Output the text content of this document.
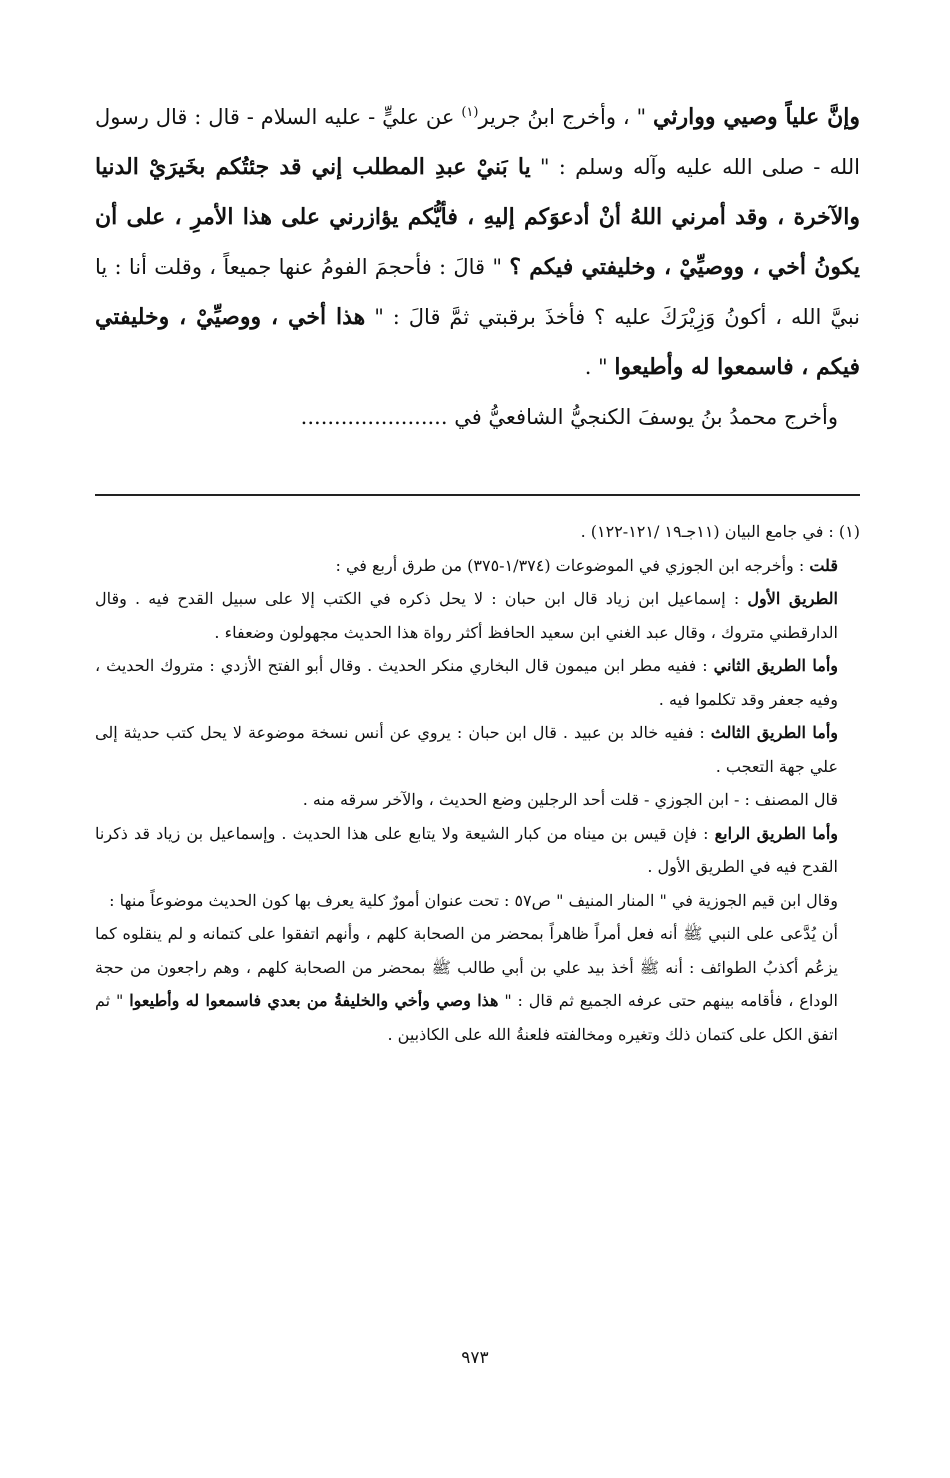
وإنَّ علياً وصيي ووارثي " ، وأخرج ابنُ جرير$^{(١)}$ عن عليٍّ - عليه السلام - قال : قال رسول الله - صلى الله عليه وآله وسلم : " يا بَنيْ عبدِ المطلب إني قد جئتُكم بخَيرَيْ الدنيا والآخرة ، وقد أمرني اللهُ أنْ أدعوَكم إليهِ ، فأيُّكم يؤازرني على هذا الأمرِ ، على أن يكونُ أخي ، ووصيِّيْ ، وخليفتي فيكم ؟ " قالَ : فأحجمَ الفومُ عنها جميعاً ، وقلت أنا : يا نبيَّ الله ، أكونُ وَزِيْرَكَ عليه ؟ فأخذَ برقبتي ثمَّ قالَ : " هذا أخي ، ووصيِّيْ ، وخليفتي فيكم ، فاسمعوا له وأطيعوا " .

وأخرج محمدُ بنُ يوسفَ الكنجيُّ الشافعيُّ في ......................

(١) : في جامع البيان (١١جـ١٩ /١٢١-١٢٢) .

قلت : وأخرجه ابن الجوزي في الموضوعات (١/٣٧٤-٣٧٥) من طرق أربع في :

الطريق الأول : إسماعيل ابن زياد قال ابن حبان : لا يحل ذكره في الكتب إلا على سبيل القدح فيه . وقال الدارقطني متروك ، وقال عبد الغني ابن سعيد الحافظ أكثر رواة هذا الحديث مجهولون وضعفاء .

وأما الطريق الثاني : ففيه مطر ابن ميمون قال البخاري منكر الحديث . وقال أبو الفتح الأزدي : متروك الحديث ، وفيه جعفر وقد تكلموا فيه .

وأما الطريق الثالث : ففيه خالد بن عبيد . قال ابن حبان : يروي عن أنس نسخة موضوعة لا يحل كتب حديثة إلى علي جهة التعجب .

قال المصنف : - ابن الجوزي - قلت أحد الرجلين وضع الحديث ، والآخر سرقه منه .

وأما الطريق الرابع : فإن قيس بن ميناه من كبار الشيعة ولا يتابع على هذا الحديث . وإسماعيل بن زياد قد ذكرنا القدح فيه في الطريق الأول .

وقال ابن قيم الجوزية في " المنار المنيف " ص٥٧ : تحت عنوان أمورٌ كلية يعرف بها كون الحديث موضوعاً منها :

أن يُدَّعى على النبي ﷺ أنه فعل أمراً ظاهراً بمحضر من الصحابة كلهم ، وأنهم اتفقوا على كتمانه و لم ينقلوه كما يزعُم أكذبُ الطوائف : أنه ﷺ أخذ بيد علي بن أبي طالب ﷺ بمحضر من الصحابة كلهم ، وهم راجعون من حجة الوداع ، فأقامه بينهم حتى عرفه الجميع ثم قال : " هذا وصي وأخي والخليفةُ من بعدي فاسمعوا له وأطيعوا " ثم اتفق الكل على كتمان ذلك وتغيره ومخالفته فلعنةُ الله على الكاذبين .

٩٧٣
